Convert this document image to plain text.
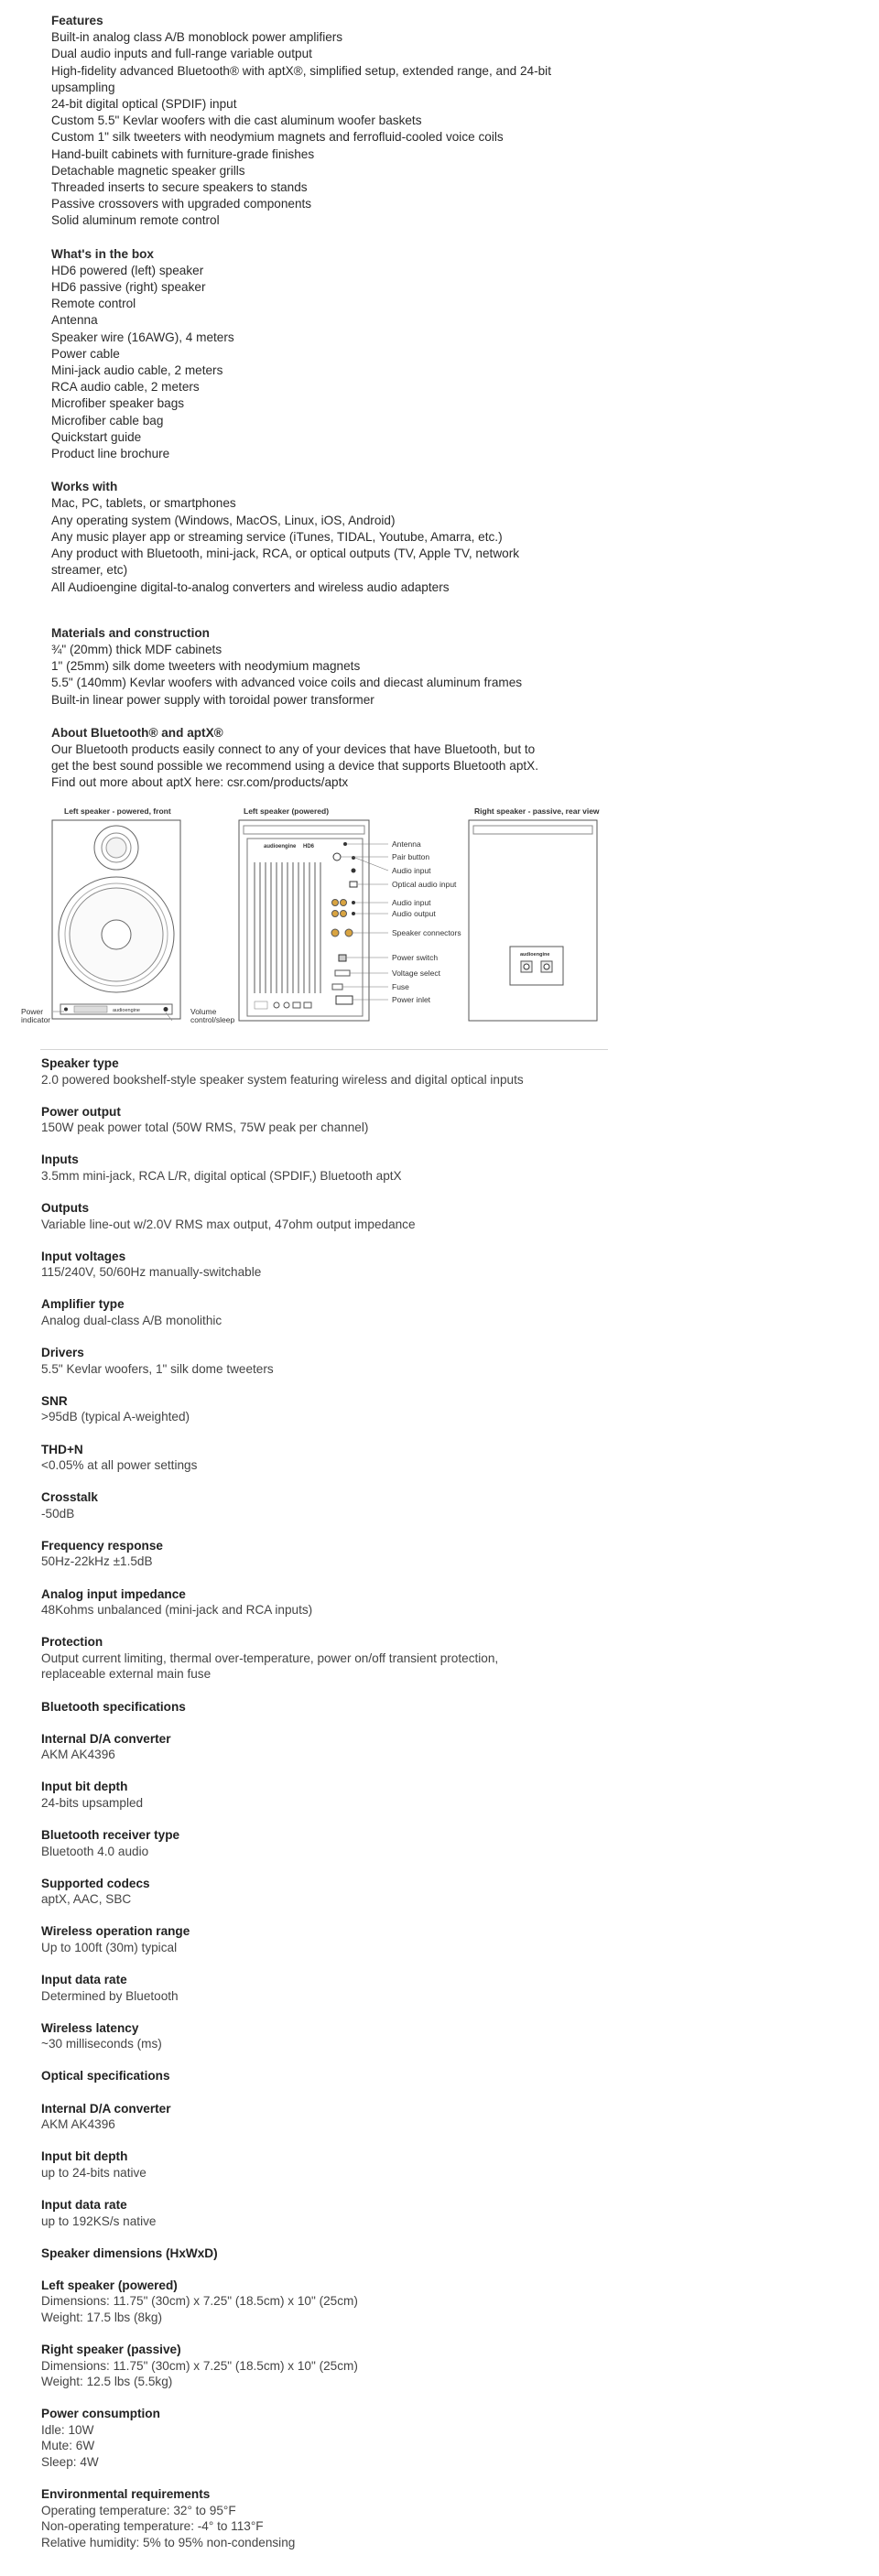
Features
Built-in analog class A/B monoblock power amplifiers
Dual audio inputs and full-range variable output
High-fidelity advanced Bluetooth® with aptX®, simplified setup, extended range, and 24-bit
upsampling
24-bit digital optical (SPDIF) input
Custom 5.5" Kevlar woofers with die cast aluminum woofer baskets
Custom 1" silk tweeters with neodymium magnets and ferrofluid-cooled voice coils
Hand-built cabinets with furniture-grade finishes
Detachable magnetic speaker grills
Threaded inserts to secure speakers to stands
Passive crossovers with upgraded components
Solid aluminum remote control
What's in the box
HD6 powered (left) speaker
HD6 passive (right) speaker
Remote control
Antenna
Speaker wire (16AWG), 4 meters
Power cable
Mini-jack audio cable, 2 meters
RCA audio cable, 2 meters
Microfiber speaker bags
Microfiber cable bag
Quickstart guide
Product line brochure
Works with
Mac, PC, tablets, or smartphones
Any operating system (Windows, MacOS, Linux, iOS, Android)
Any music player app or streaming service (iTunes, TIDAL, Youtube, Amarra, etc.)
Any product with Bluetooth, mini-jack, RCA, or optical outputs (TV, Apple TV, network
streamer, etc)
All Audioengine digital-to-analog converters and wireless audio adapters
Materials and construction
¾" (20mm) thick MDF cabinets
1" (25mm) silk dome tweeters with neodymium magnets
5.5" (140mm) Kevlar woofers with advanced voice coils and diecast aluminum frames
Built-in linear power supply with toroidal power transformer
About Bluetooth® and aptX®
Our Bluetooth products easily connect to any of your devices that have Bluetooth, but to
get the best sound possible we recommend using a device that supports Bluetooth aptX.
Find out more about aptX here: csr.com/products/aptx
Left speaker - powered, front
audioengine
Power
indicator
Volume
control/sleep
Left speaker (powered)
audioengine HD6	Antenna
Pair button
Audio input
Optical audio input
Audio input
Audio output
Speaker connectors
Power switch
Voltage select
Fuse
Power inlet
Right speaker - passive, rear view
audioengine
Speaker type
2.0 powered bookshelf-style speaker system featuring wireless and digital optical inputs
Power output
150W peak power total (50W RMS, 75W peak per channel)
Inputs
3.5mm mini-jack, RCA L/R, digital optical (SPDIF,) Bluetooth aptX
Outputs
Variable line-out w/2.0V RMS max output, 47ohm output impedance
Input voltages
115/240V, 50/60Hz manually-switchable
Amplifier type
Analog dual-class A/B monolithic
Drivers
5.5" Kevlar woofers, 1" silk dome tweeters
SNR
>95dB (typical A-weighted)
THD+N
<0.05% at all power settings
Crosstalk
-50dB
Frequency response
50Hz-22kHz ±1.5dB
Analog input impedance
48Kohms unbalanced (mini-jack and RCA inputs)
Protection
Output current limiting, thermal over-temperature, power on/off transient protection,
replaceable external main fuse
Bluetooth specifications
Internal D/A converter
AKM AK4396
Input bit depth
24-bits upsampled
Bluetooth receiver type
Bluetooth 4.0 audio
Supported codecs
aptX, AAC, SBC
Wireless operation range
Up to 100ft (30m) typical
Input data rate
Determined by Bluetooth
Wireless latency
~30 milliseconds (ms)
Optical specifications
Internal D/A converter
AKM AK4396
Input bit depth
up to 24-bits native
Input data rate
up to 192KS/s native
Speaker dimensions (HxWxD)
Left speaker (powered)
Dimensions: 11.75" (30cm) x 7.25" (18.5cm) x 10" (25cm)
Weight: 17.5 lbs (8kg)
Right speaker (passive)
Dimensions: 11.75" (30cm) x 7.25" (18.5cm) x 10" (25cm)
Weight: 12.5 lbs (5.5kg)
Power consumption
Idle: 10W
Mute: 6W
Sleep: 4W
Environmental requirements
Operating temperature: 32° to 95°F
Non-operating temperature: -4° to 113°F
Relative humidity: 5% to 95% non-condensing
